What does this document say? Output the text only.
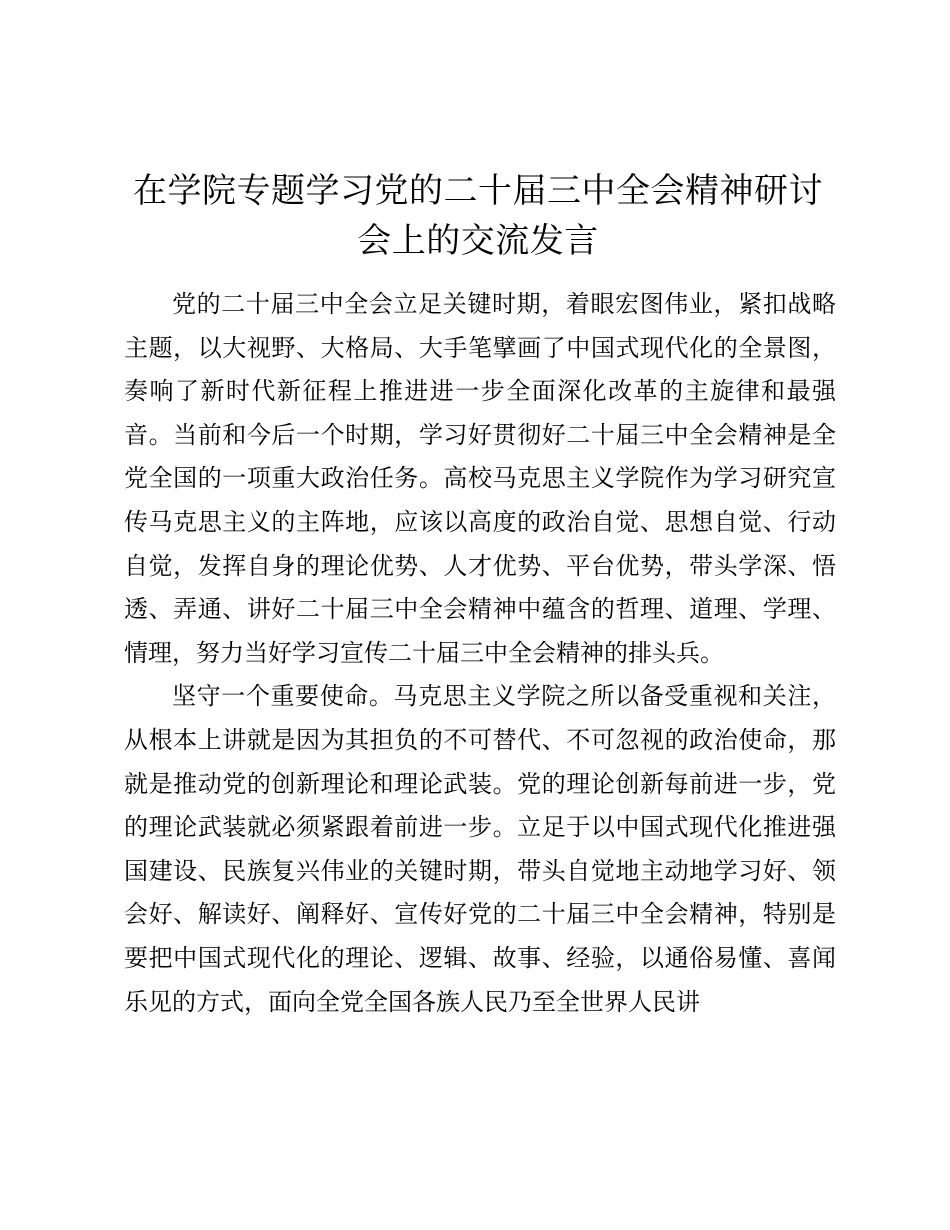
在学院专题学习党的二十届三中全会精神研讨会上的交流发言

党的二十届三中全会立足关键时期，着眼宏图伟业，紧扣战略主题，以大视野、大格局、大手笔擘画了中国式现代化的全景图，奏响了新时代新征程上推进进一步全面深化改革的主旋律和最强音。当前和今后一个时期，学习好贯彻好二十届三中全会精神是全党全国的一项重大政治任务。高校马克思主义学院作为学习研究宣传马克思主义的主阵地，应该以高度的政治自觉、思想自觉、行动自觉，发挥自身的理论优势、人才优势、平台优势，带头学深、悟透、弄通、讲好二十届三中全会精神中蕴含的哲理、道理、学理、情理，努力当好学习宣传二十届三中全会精神的排头兵。

坚守一个重要使命。马克思主义学院之所以备受重视和关注，从根本上讲就是因为其担负的不可替代、不可忽视的政治使命，那就是推动党的创新理论和理论武装。党的理论创新每前进一步，党的理论武装就必须紧跟着前进一步。立足于以中国式现代化推进强国建设、民族复兴伟业的关键时期，带头自觉地主动地学习好、领会好、解读好、阐释好、宣传好党的二十届三中全会精神，特别是要把中国式现代化的理论、逻辑、故事、经验，以通俗易懂、喜闻乐见的方式，面向全党全国各族人民乃至全世界人民讲
